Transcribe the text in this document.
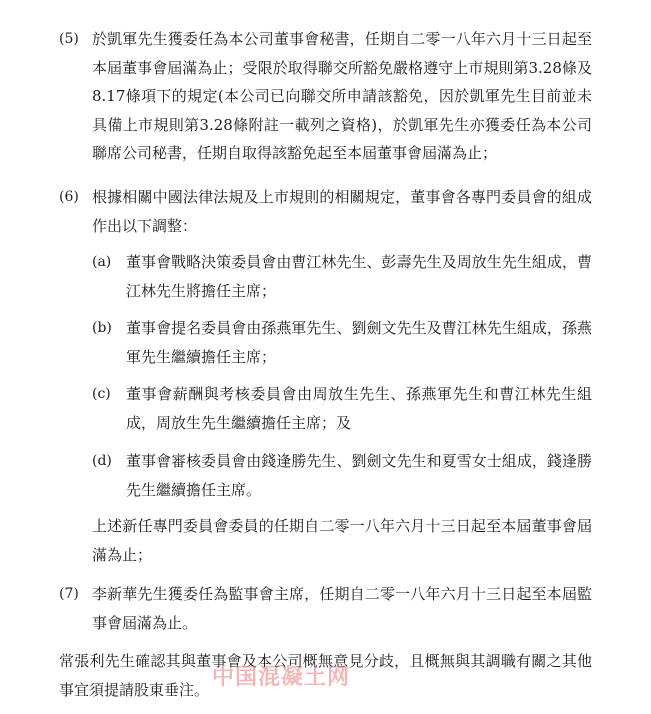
(5) 於凱軍先生獲委任為本公司董事會秘書，任期自二零一八年六月十三日起至本屆董事會屆滿為止；受限於取得聯交所豁免嚴格遵守上市規則第3.28條及8.17條項下的規定(本公司已向聯交所申請該豁免，因於凱軍先生目前並未具備上市規則第3.28條附註一載列之資格)，於凱軍先生亦獲委任為本公司聯席公司秘書，任期自取得該豁免起至本屆董事會屆滿為止；
(6) 根據相關中國法律法規及上市規則的相關規定，董事會各專門委員會的組成作出以下調整：
(a) 董事會戰略決策委員會由曹江林先生、彭壽先生及周放生先生組成，曹江林先生將擔任主席；
(b) 董事會提名委員會由孫燕軍先生、劉劍文先生及曹江林先生組成，孫燕軍先生繼續擔任主席；
(c) 董事會薪酬與考核委員會由周放生先生、孫燕軍先生和曹江林先生組成，周放生先生繼續擔任主席；及
(d) 董事會審核委員會由錢逢勝先生、劉劍文先生和夏雪女士組成，錢逢勝先生繼續擔任主席。
上述新任專門委員會委員的任期自二零一八年六月十三日起至本屆董事會屆滿為止；
(7) 李新華先生獲委任為監事會主席，任期自二零一八年六月十三日起至本屆監事會屆滿為止。
常張利先生確認其與董事會及本公司概無意見分歧，且概無與其調職有關之其他事宜須提請股東垂注。 中国混凝土网
